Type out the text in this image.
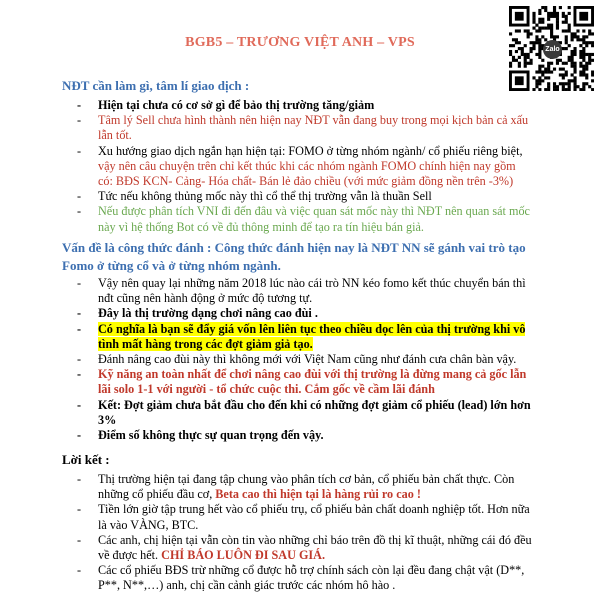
BGB5 – TRƯƠNG VIỆT ANH – VPS	Zalo
NĐT cần làm gì, tâm lí giao dịch :
- Hiện tại chưa có cơ sở gì để bảo thị trường tăng/giảm
- Tâm lý Sell chưa hình thành nên hiện nay NĐT vẫn đang buy trong mọi kịch bản cả xấu lẫn tốt.
- Xu hướng giao dịch ngắn hạn hiện tại: FOMO ở từng nhóm ngành/ cổ phiếu riêng biệt, vậy nên câu chuyện trên chỉ kết thúc khi các nhóm ngành FOMO chính hiện nay gồm có: BĐS KCN- Cảng- Hóa chất- Bán lẻ đảo chiều (với mức giảm đồng nền trên -3%)
- Tức nếu không thủng mốc này thì cổ thể thị trường vẫn là thuần Sell
- Nếu được phân tích VNI đi đến đâu và việc quan sát mốc này thì NĐT nên quan sát mốc này vì hệ thống Bot có về đủ thông minh để tạo ra tín hiệu bán giả.
Vấn đề là công thức đánh : Công thức đánh hiện nay là NĐT NN sẽ gánh vai trò tạo Fomo ở từng cổ và ở từng nhóm ngành.
- Vậy nên quay lại những năm 2018 lúc nào cái trò NN kéo fomo kết thúc chuyển bán thì nđt cũng nên hành động ở mức độ tương tự.
- Đây là thị trường dạng chơi nâng cao đùi .
- Có nghĩa là bạn sẽ đẩy giá vốn lên liên tục theo chiều dọc lên của thị trường khi vô tình mất hàng trong các đợt giảm giả tạo.
- Đánh nâng cao đùi này thì không mới với Việt Nam cũng như đánh cưa chân bàn vậy.
- Kỹ năng an toàn nhất để chơi nâng cao đùi với thị trường là đừng mang cả gốc lẫn lãi solo 1-1 với người - tổ chức cuộc thi. Cắm gốc về cầm lãi đánh
- Kết: Đợt giảm chưa bắt đầu cho đến khi có những đợt giảm cổ phiếu (lead) lớn hơn 3%
- Điểm số không thực sự quan trọng đến vậy.
Lời kết :
- Thị trường hiện tại đang tập chung vào phân tích cơ bản, cổ phiếu bản chất thực. Còn những cổ phiếu đầu cơ, Beta cao thì hiện tại là hàng rủi ro cao !
- Tiền lớn giờ tập trung hết vào cổ phiếu trụ, cổ phiếu bản chất doanh nghiệp tốt. Hơn nữa là vào VÀNG, BTC.
- Các anh, chị hiện tại vẫn còn tin vào những chỉ báo trên đồ thị kĩ thuật, những cái đó đều về được hết. CHỈ BÁO LUÔN ĐI SAU GIÁ.
- Các cổ phiếu BĐS trừ những cổ được hỗ trợ chính sách còn lại đều đang chật vật (D**, P**, N**,…) anh, chị cần cảnh giác trước các nhóm hô hào .
